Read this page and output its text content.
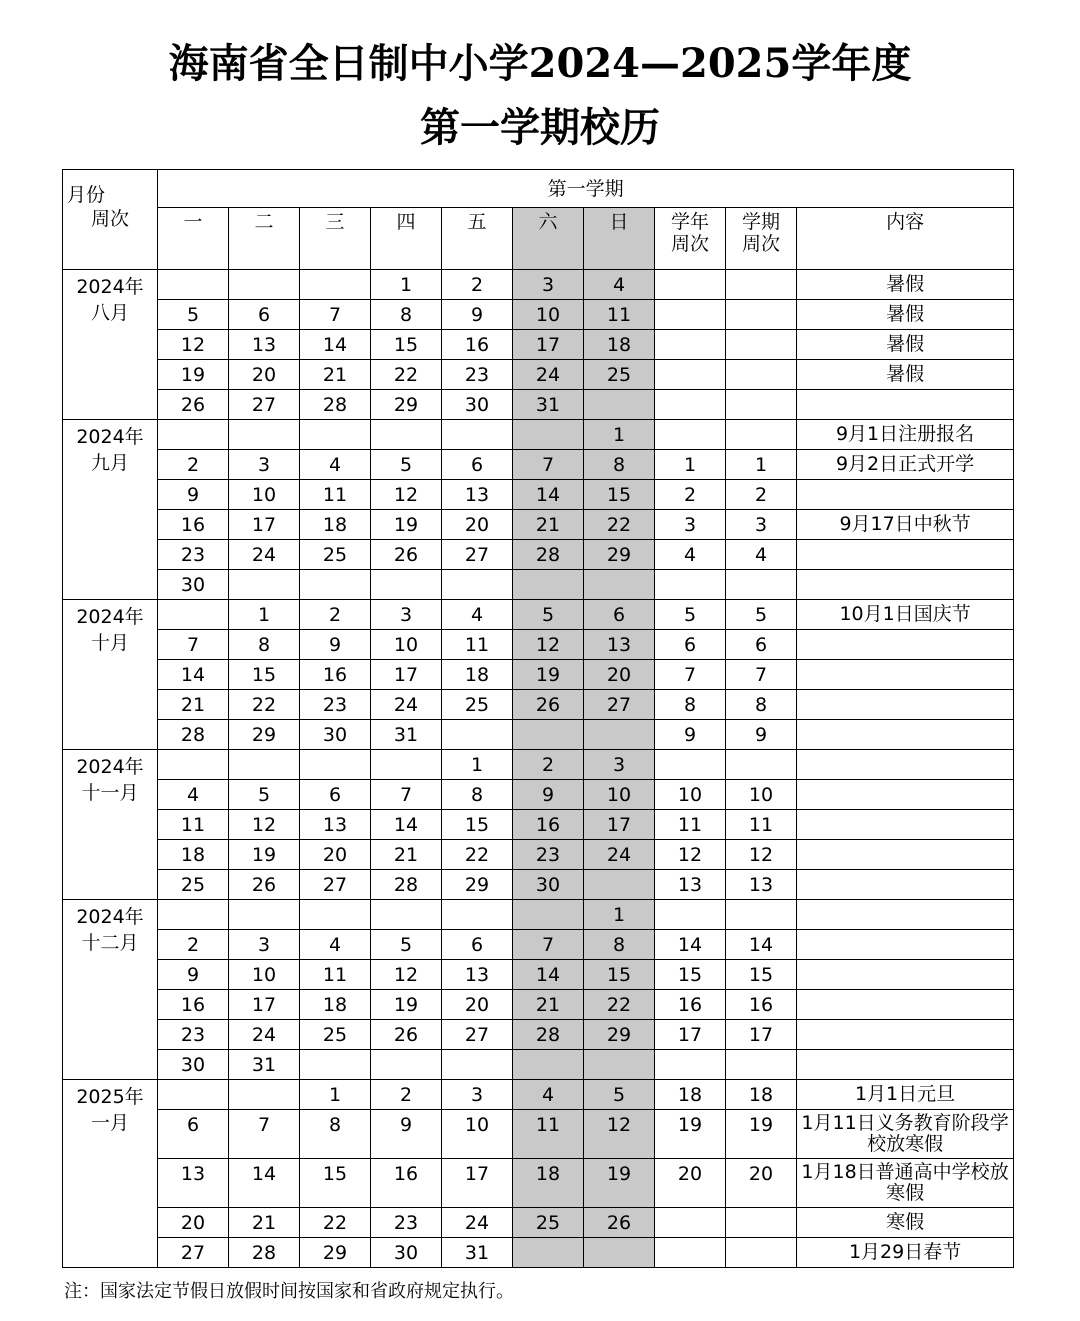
海南省全日制中小学2024—2025学年度
第一学期校历
月份
周次	第一学期									
	一	二	三	四	五	六	日	学年
周次	学期
周次	内容
2024年
八月				1	2	3	4			暑假
	5	6	7	8	9	10	11			暑假
	12	13	14	15	16	17	18			暑假
	19	20	21	22	23	24	25			暑假
	26	27	28	29	30	31				
2024年
九月							1			9月1日注册报名
	2	3	4	5	6	7	8	1	1	9月2日正式开学
	9	10	11	12	13	14	15	2	2	
	16	17	18	19	20	21	22	3	3	9月17日中秋节
	23	24	25	26	27	28	29	4	4	
	30									
2024年
十月		1	2	3	4	5	6	5	5	10月1日国庆节
	7	8	9	10	11	12	13	6	6	
	14	15	16	17	18	19	20	7	7	
	21	22	23	24	25	26	27	8	8	
	28	29	30	31				9	9	
2024年
十一月					1	2	3			
	4	5	6	7	8	9	10	10	10	
	11	12	13	14	15	16	17	11	11	
	18	19	20	21	22	23	24	12	12	
	25	26	27	28	29	30		13	13	
2024年
十二月							1			
	2	3	4	5	6	7	8	14	14	
	9	10	11	12	13	14	15	15	15	
	16	17	18	19	20	21	22	16	16	
	23	24	25	26	27	28	29	17	17	
	30	31								
2025年
一月			1	2	3	4	5	18	18	1月1日元旦
	6	7	8	9	10	11	12	19	19	1月11日义务教育阶段学校放寒假
	13	14	15	16	17	18	19	20	20	1月18日普通高中学校放寒假
	20	21	22	23	24	25	26			寒假
	27	28	29	30	31					1月29日春节
注：国家法定节假日放假时间按国家和省政府规定执行。
